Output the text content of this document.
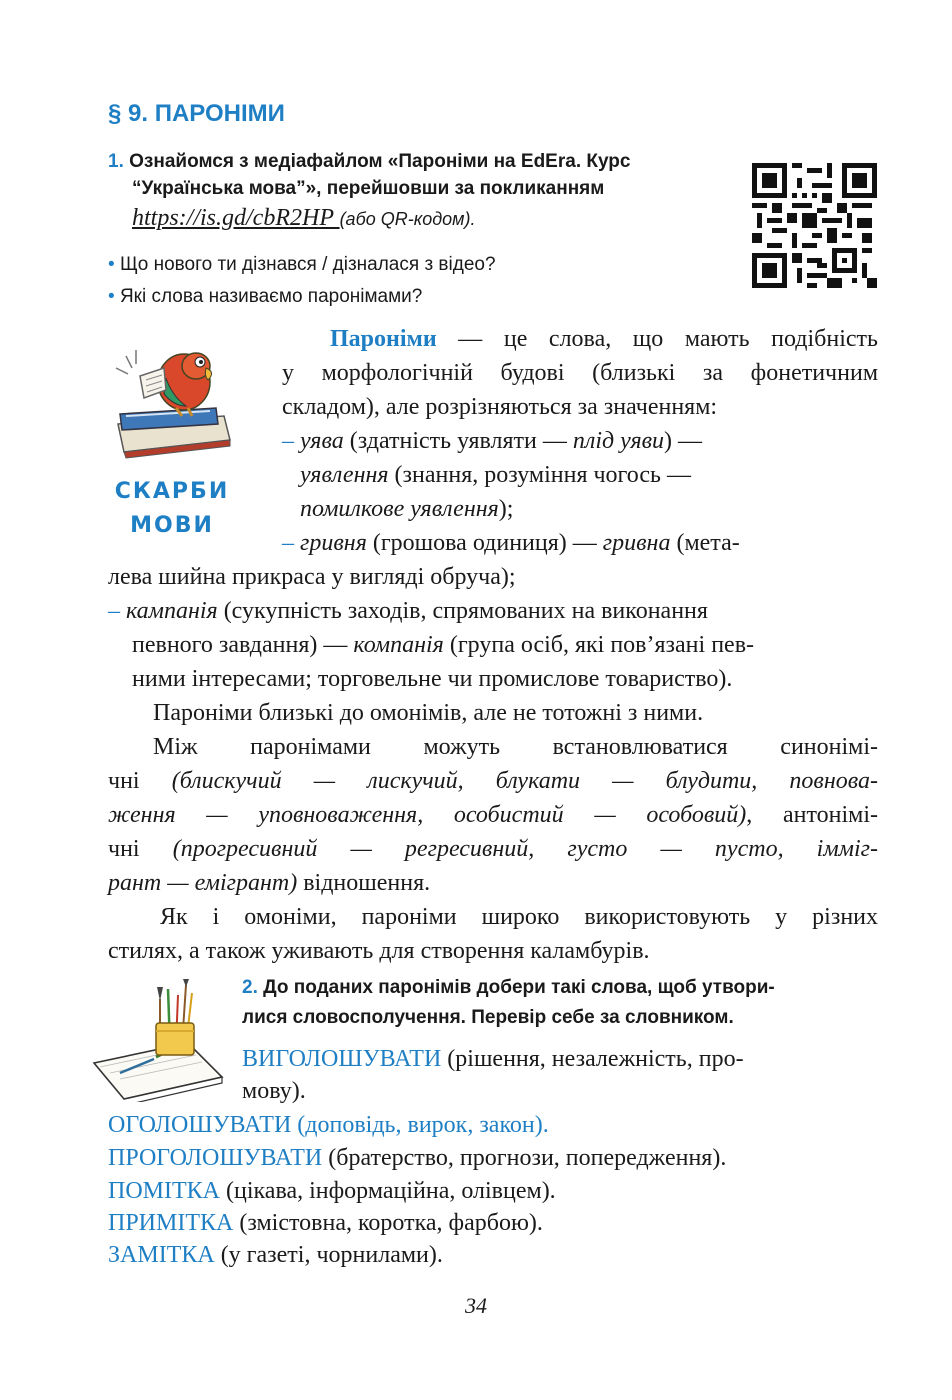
§ 9. ПАРОНІМИ
1. Ознайомся з медіафайлом «Пароніми на EdEra. Курс
“Українська мова”», перейшовши за покликанням
https://is.gd/cbR2HP (або QR-кодом).
• Що нового ти дізнався / дізналася з відео?
• Які слова називаємо паронімами?
СКАРБИ
МОВИ
  Пароніми — це слова, що мають подібність
у морфологічній будові (близькі за фонетичним
складом), але розрізняються за значенням:
– уява (здатність уявляти — плід уяви) —
уявлення (знання, розуміння чогось —
помилкове уявлення);
– гривня (грошова одиниця) — гривна (мета-
лева шийна прикраса у вигляді обруча);
– кампанія (сукупність заходів, спрямованих на виконання
певного завдання) — компанія (група осіб, які пов’язані пев-
ними інтересами; торговельне чи промислове товариство).
Пароніми близькі до омонімів, але не тотожні з ними.
Між паронімами можуть встановлюватися синонімі-
чні (блискучий — лискучий, блукати — блудити, повнова-
ження — уповноваження, особистий — особовий), антонімі-
чні (прогресивний — регресивний, густо — пусто, імміг-
рант — емігрант) відношення.
Як і омоніми, пароніми широко використовують у різних
стилях, а також уживають для створення каламбурів.
2. До поданих паронімів добери такі слова, щоб утвори-
лися словосполучення. Перевір себе за словником.
ВИГОЛОШУВАТИ (рішення, незалежність, про-
мову).
ОГОЛОШУВАТИ (доповідь, вирок, закон).
ПРОГОЛОШУВАТИ (братерство, прогнози, попередження).
ПОМІТКА (цікава, інформаційна, олівцем).
ПРИМІТКА (змістовна, коротка, фарбою).
ЗАМІТКА (у газеті, чорнилами).
34
